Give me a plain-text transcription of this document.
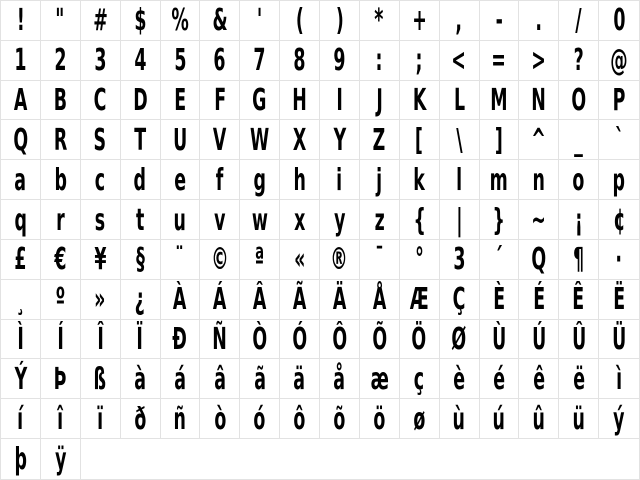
! " # $ % & ' ( ) * + , - . / 0
1 2 3 4 5 6 7 8 9 : ; < = > ? @
A B C D E F G H I J K L M N O P
Q R S T U V W X Y Z [ \ ] ^ _ `
a b c d e f g h i j k l m n o p
q r s t u v w x y z { | } ~ ¡ ¢
£ € ¥ § ¨ © ª « ® ¯ ° 3 ´ Q ¶ ·
¸ º » ¿ À Á Â Ã Ä Å Æ Ç È É Ê Ë
Ì Í Î Ï Ð Ñ Ò Ó Ô Õ Ö Ø Ù Ú Û Ü
Ý Þ ß à á â ã ä å æ ç è é ê ë ì
í î ï ð ñ ò ó ô õ ö ø ù ú û ü ý
þ ÿ
